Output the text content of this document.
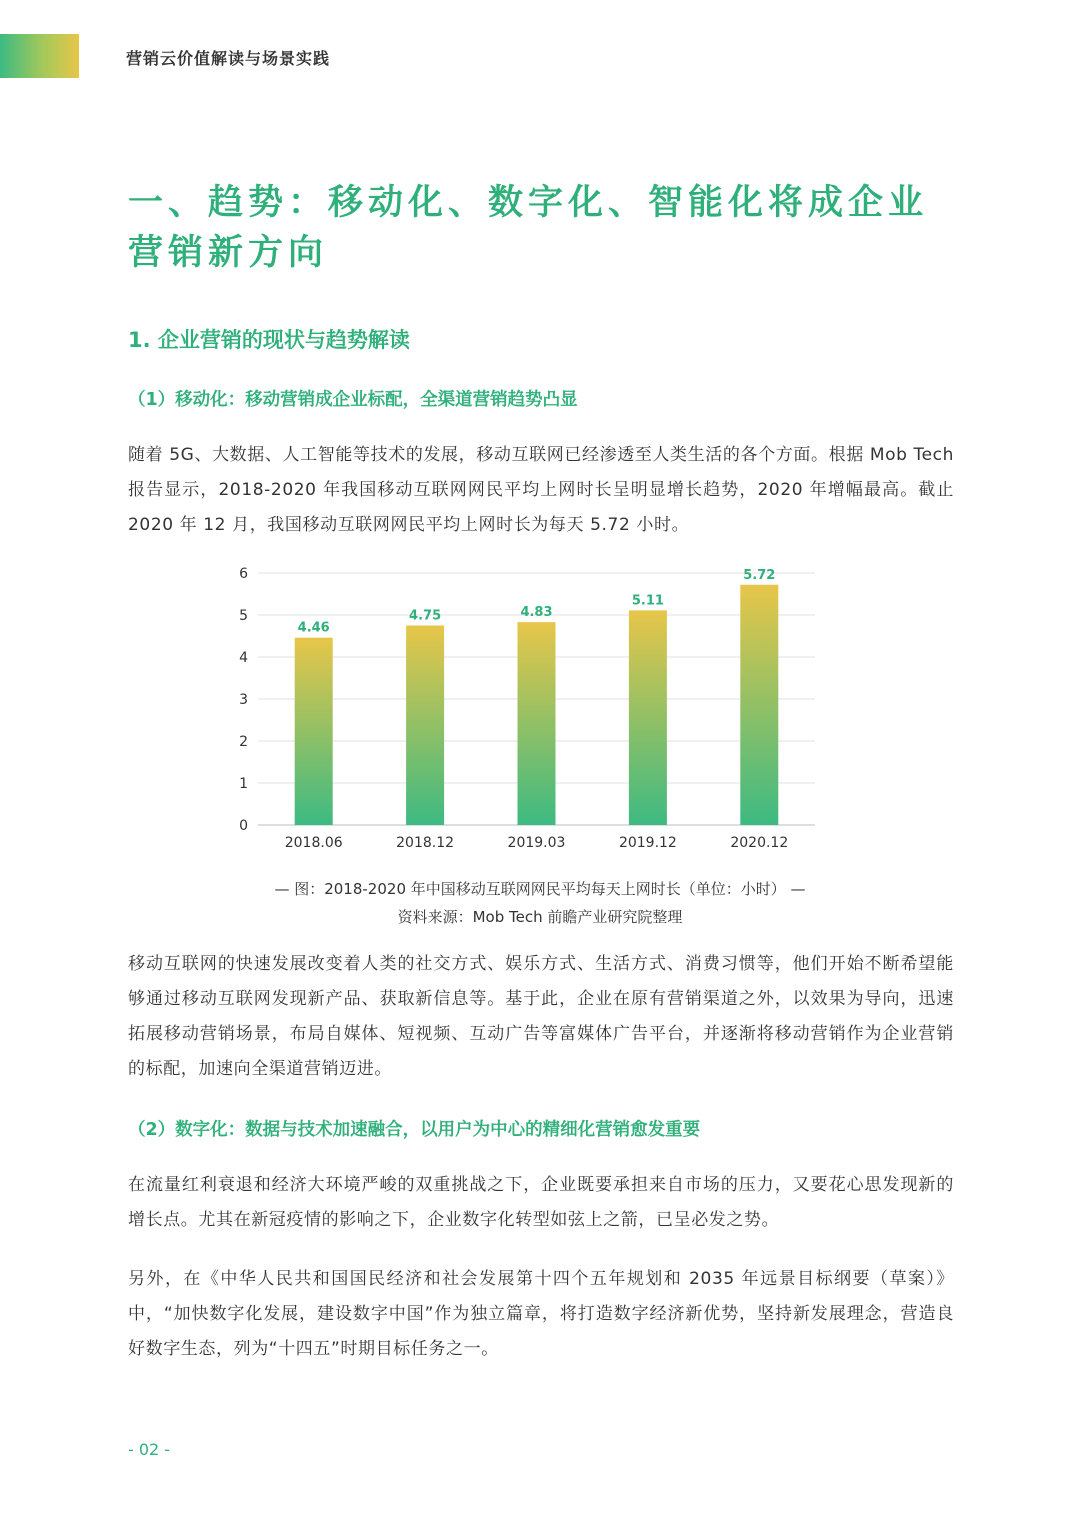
营销云价值解读与场景实践
一、趋势：移动化、数字化、智能化将成企业营销新方向
1. 企业营销的现状与趋势解读
（1）移动化：移动营销成企业标配，全渠道营销趋势凸显

随着 5G、大数据、人工智能等技术的发展，移动互联网已经渗透至人类生活的各个方面。根据 Mob Tech 报告显示，2018-2020 年我国移动互联网网民平均上网时长呈明显增长趋势，2020 年增幅最高。截止 2020 年 12 月，我国移动互联网网民平均上网时长为每天 5.72 小时。

0
1
2
3
4
5
6
4.46
2018.06
4.75
2018.12
4.83
2019.03
5.11
2019.12
5.72
2020.12

— 图：2018-2020 年中国移动互联网网民平均每天上网时长（单位：小时） —

资料来源：Mob Tech 前瞻产业研究院整理

移动互联网的快速发展改变着人类的社交方式、娱乐方式、生活方式、消费习惯等，他们开始不断希望能够通过移动互联网发现新产品、获取新信息等。基于此，企业在原有营销渠道之外，以效果为导向，迅速拓展移动营销场景，布局自媒体、短视频、互动广告等富媒体广告平台，并逐渐将移动营销作为企业营销的标配，加速向全渠道营销迈进。

（2）数字化：数据与技术加速融合，以用户为中心的精细化营销愈发重要

在流量红利衰退和经济大环境严峻的双重挑战之下，企业既要承担来自市场的压力，又要花心思发现新的增长点。尤其在新冠疫情的影响之下，企业数字化转型如弦上之箭，已呈必发之势。

另外，在《中华人民共和国国民经济和社会发展第十四个五年规划和 2035 年远景目标纲要（草案）》中，“加快数字化发展，建设数字中国”作为独立篇章，将打造数字经济新优势，坚持新发展理念，营造良好数字生态，列为“十四五”时期目标任务之一。

- 02 -
